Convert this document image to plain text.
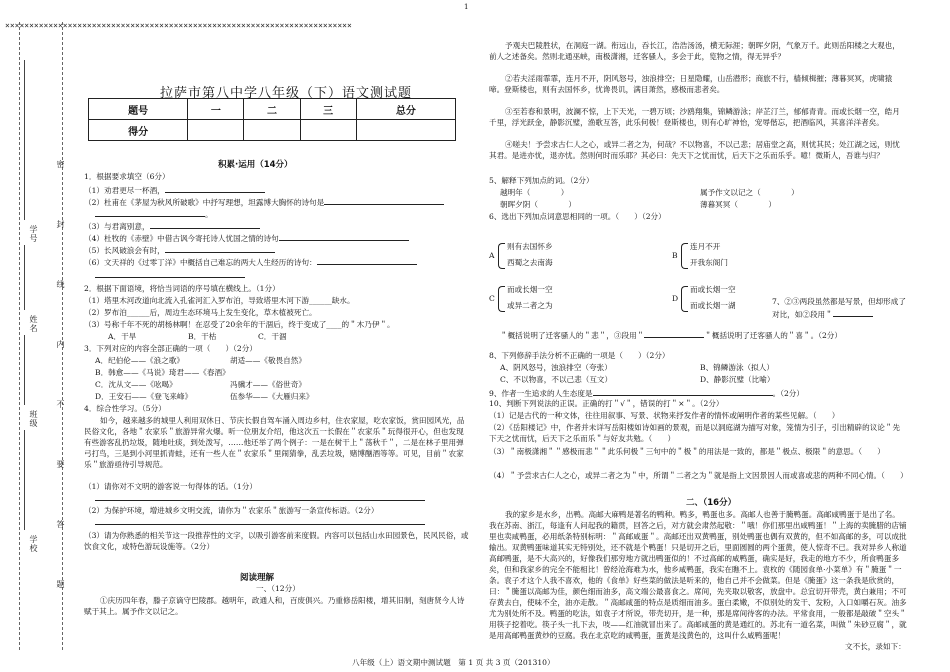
1
八年级（上）语文期中测试题　第 1 页 共 3 页（201310）
××××××××××××××××××××××××××××××××××××××××××××××××××××××××××××××××××××××××
学号
姓名
班级
学校
密
封
线
内
不
要
答
题
拉萨市第八中学八年级（下）语文测试题
题号	一	二	三	总分
得分				
积累·运用（14分）
1．根据要求填空（6分）
（1）劝君更尽一杯酒，
（2）杜甫在《茅屋为秋风所破歌》中抒写理想，坦露博大胸怀的诗句是
。
（3）与君离别意，
（4）杜牧的《赤壁》中借古讽今寄托诗人忧国之情的诗句
（5）长风破浪会有时，
（6）文天祥的《过零丁洋》中概括自己难忘的两大人生经历的诗句：
2．根据下面语境，将恰当词语的序号填在横线上。（1分）
（1）塔里木河改道向北流入孔雀河汇入罗布泊，导致塔里木河下游______缺水。
（2）罗布泊______后，周边生态环境马上发生变化，草木植被死亡。
（3）号称千年不死的胡杨林啊！在忍受了20余年的干涸后，终于变成了____的＂木乃伊＂。
A．干旱	B．干枯	C．干涸
3．下列对应的内容全部正确的一项（　　）（2分）
A．纪伯伦——《浪之歌》	胡适——《敬畏自然》
B．韩愈——《马说》琦君——《春酒》
C．沈从文——《吆喝》	冯骥才——《俗世奇》
D．王安石——《登飞来峰》	伍参华——《大雁归来》
4．综合性学习。（5分）
如今，越来越多的城里人利用双休日、节庆长假自驾车涌入周边乡村，住农家屋，吃农家饭，赏田园风光，品民俗文化，各地＂农家乐＂旅游异常火爆。听一位朋友介绍，他这次五一长假在＂农家乐＂玩得很开心，但也发现有些游客乱扔垃圾，随地吐痰，到处泼写，……他还举了两个例子：一是在树干上＂荡秋千＂，二是在林子里用弹弓打鸟，三是到小河里抓青蛙，还有一些人在＂农家乐＂里闹猜拳，乱丢垃圾，赌博酗酒等等。可见，目前＂农家乐＂旅游亟待引导规范。
（1）请你对不文明的游客说一句得体的话。（1分）
（2）为保护环境，增进城乡文明交流，请你为＂农家乐＂旅游写一条宣传标语。（2分）
（3）请为你熟悉的相关节这一段推荐性的文字，以吸引游客前来度假。内容可以包括山水田园景色，民风民俗，或饮食文化，或特色游玩设施等。（2分）
阅读理解
一、（12分）
①庆历四年春，滕子京谪守巴陵郡。越明年，政通人和，百废俱兴。乃重修岳阳楼，增其旧制，刻唐贤今人诗赋于其上。属予作文以记之。
予观夫巴陵胜状，在洞庭一湖。衔远山，吞长江，浩浩汤汤，横无际涯；朝晖夕阴，气象万千。此则岳阳楼之大观也，前人之述备矣。然则北通巫峡，南极潇湘，迁客骚人，多会于此，览物之情，得无异乎？
②若夫淫雨霏霏，连月不开，阴风怒号，浊浪排空；日星隐耀，山岳潜形；商旅不行，樯倾楫摧；薄暮冥冥，虎啸猿啼。登斯楼也，则有去国怀乡，忧谗畏讥，满目萧然，感极而悲者矣。
③至若春和景明，波澜不惊，上下天光，一碧万顷；沙鸥翔集，锦鳞游泳；岸芷汀兰，郁郁青青。而或长烟一空，皓月千里，浮光跃金，静影沉璧，渔歌互答，此乐何极！登斯楼也，则有心旷神怡，宠辱偕忘，把酒临风，其喜洋洋者矣。
④嗟夫！予尝求古仁人之心，或异二者之为，何哉？不以物喜，不以己悲；居庙堂之高，则忧其民；处江湖之远，则忧其君。是进亦忧，退亦忧。然则何时而乐耶？其必曰：先天下之忧而忧，后天下之乐而乐乎。噫！微斯人，吾谁与归？
5、解释下列加点的词。（2分）
越明年（　　　　）	属予作文以记之（　　　　）
朝晖夕阴（　　　　）	薄暮冥冥（　　　　）
6、选出下列加点词意思相同的一项。（　　）（2分）
A
则有去国怀乡
西蜀之去南海
B
连月不开
开我东阁门
C
而或长烟一空
或异二者之为
D
而或长烟一空
而或长烟一湖	7、②③两段虽然都是写景，但却形成了对比，如②段用＂
＂概括说明了迁客骚人的＂悲＂，③段用＂	＂概括说明了迁客骚人的＂喜＂。（2分）
8、下列修辞手法分析不正确的一项是（　　）（2分）
A、阴风怒号，浊浪排空（夸张）	B、锦鳞游泳（拟人）
C、不以物喜，不以己悲（互文）	D、静影沉璧（比喻）
9、作者一生追求的人生态度是	。（2分）
10、判断下列说法的正误。正确的打＂√＂，错误的打＂×＂。（2分）
（1）记是古代的一种文体，往往用叙事、写景、状物来抒发作者的情怀或阐明作者的某些见解。（　　）
（2）《岳阳楼记》中，作者并未详写岳阳楼如诗如画的景观，而是以洞庭湖为描写对象，笼情为引子，引出精辟的议论＂先下天之忧而忧，后天下之乐而乐＂与好友共勉。（　　）
（3）＂南极潇湘＂＂感极而悲＂＂此乐何极＂三句中的＂极＂的用法是一致的，都是＂极点、极限＂的意思。（　　）
（4）＂予尝求古仁人之心，或异二者之为＂中，所谓＂二者之为＂就是指上文因景因人而或喜或悲的两种不同心情。（　　）
二、（16分）
我的家乡是水乡，出鸭。高邮大麻鸭是著名的鸭种。鸭多，鸭蛋也多。高邮人也善于腌鸭蛋。高邮咸鸭蛋于是出了名。我在苏南、浙江，每逢有人问起我的籍贯，回答之后，对方就会肃然起敬：＂哦！你们那里出咸鸭蛋！＂上海的卖腌腊的店铺里也卖咸鸭蛋，必用纸条特别标明：＂高邮咸蛋＂。高邮还出双黄鸭蛋，别处鸭蛋也偶有双黄的，但不如高邮的多，可以成批输出。双黄鸭蛋味道其实无特别处，还不就是个鸭蛋！只是切开之后，里面圆圆的两个蛋黄，使人惊奇不已。我对异乡人称道高邮鸭蛋，是不大高兴的，好像我们那穷地方就出鸭蛋似的！不过高邮的咸鸭蛋，确实是好，我走的地方不少，所食鸭蛋多矣，但和我家乡的完全不能相比！曾经沧海难为水，他乡咸鸭蛋，我实在瞧不上。袁枚的《随园食单·小菜单》有＂腌蛋＂一条。袁子才这个人我不喜欢，他的《食单》好些菜的做法是听来的，他自己并不会做菜。但是《腌蛋》这一条我是欣赏的，曰：＂腌蛋以高邮为佳，颜色细而油多，高文端公最喜食之。席间，先夹取以敬客，放盘中。总宜切开带壳，黄白兼用；不可存黄去白，使味不全，油亦走散。＂高邮咸蛋的特点是质细而油多。蛋白柔嫩，不似别处的发干、发粉，入口如嚼石灰。油多尤为别处所不及。鸭蛋的吃法，如袁子才所说，带壳切开，是一种，那是席间待客的办法。平常食用，一般都是敲破＂空头＂用筷子挖着吃。筷子头一扎下去，吱——红油就冒出来了。高邮咸蛋的黄是通红的。苏北有一道名菜，叫做＂朱砂豆腐＂，就是用高邮鸭蛋黄炒的豆腐。我在北京吃的咸鸭蛋，蛋黄是浅黄色的，这叫什么咸鸭蛋呢！
文不长，录如下：
